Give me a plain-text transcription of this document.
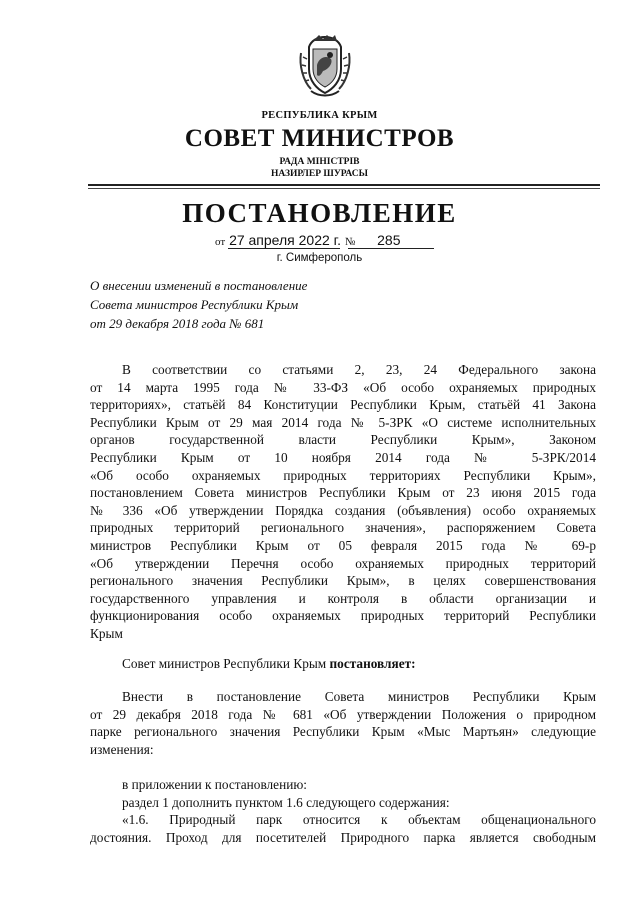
РЕСПУБЛИКА КРЫМ
СОВЕТ МИНИСТРОВ
РАДА МІНІСТРІВ
НАЗИРЛЕР ШУРАСЫ
ПОСТАНОВЛЕНИЕ
от 27 апреля 2022 г. № 285
г. Симферополь
О внесении изменений в постановление
Совета министров Республики Крым
от 29 декабря 2018 года № 681
В соответствии со статьями 2, 23, 24 Федерального закона
от 14 марта 1995 года № 33-ФЗ «Об особо охраняемых природных
территориях», статьёй 84 Конституции Республики Крым, статьёй 41 Закона
Республики Крым от 29 мая 2014 года № 5-ЗРК «О системе исполнительных
органов государственной власти Республики Крым», Законом
Республики Крым от 10 ноября 2014 года № 5-ЗРК/2014
«Об особо охраняемых природных территориях Республики Крым»,
постановлением Совета министров Республики Крым от 23 июня 2015 года
№ 336 «Об утверждении Порядка создания (объявления) особо охраняемых
природных территорий регионального значения», распоряжением Совета
министров Республики Крым от 05 февраля 2015 года № 69-р
«Об утверждении Перечня особо охраняемых природных территорий
регионального значения Республики Крым», в целях совершенствования
государственного управления и контроля в области организации и
функционирования особо охраняемых природных территорий Республики
Крым
Совет министров Республики Крым постановляет:
Внести в постановление Совета министров Республики Крым
от 29 декабря 2018 года № 681 «Об утверждении Положения о природном
парке регионального значения Республики Крым «Мыс Мартьян» следующие
изменения:
в приложении к постановлению:
раздел 1 дополнить пунктом 1.6 следующего содержания:
«1.6. Природный парк относится к объектам общенационального
достояния. Проход для посетителей Природного парка является свободным
